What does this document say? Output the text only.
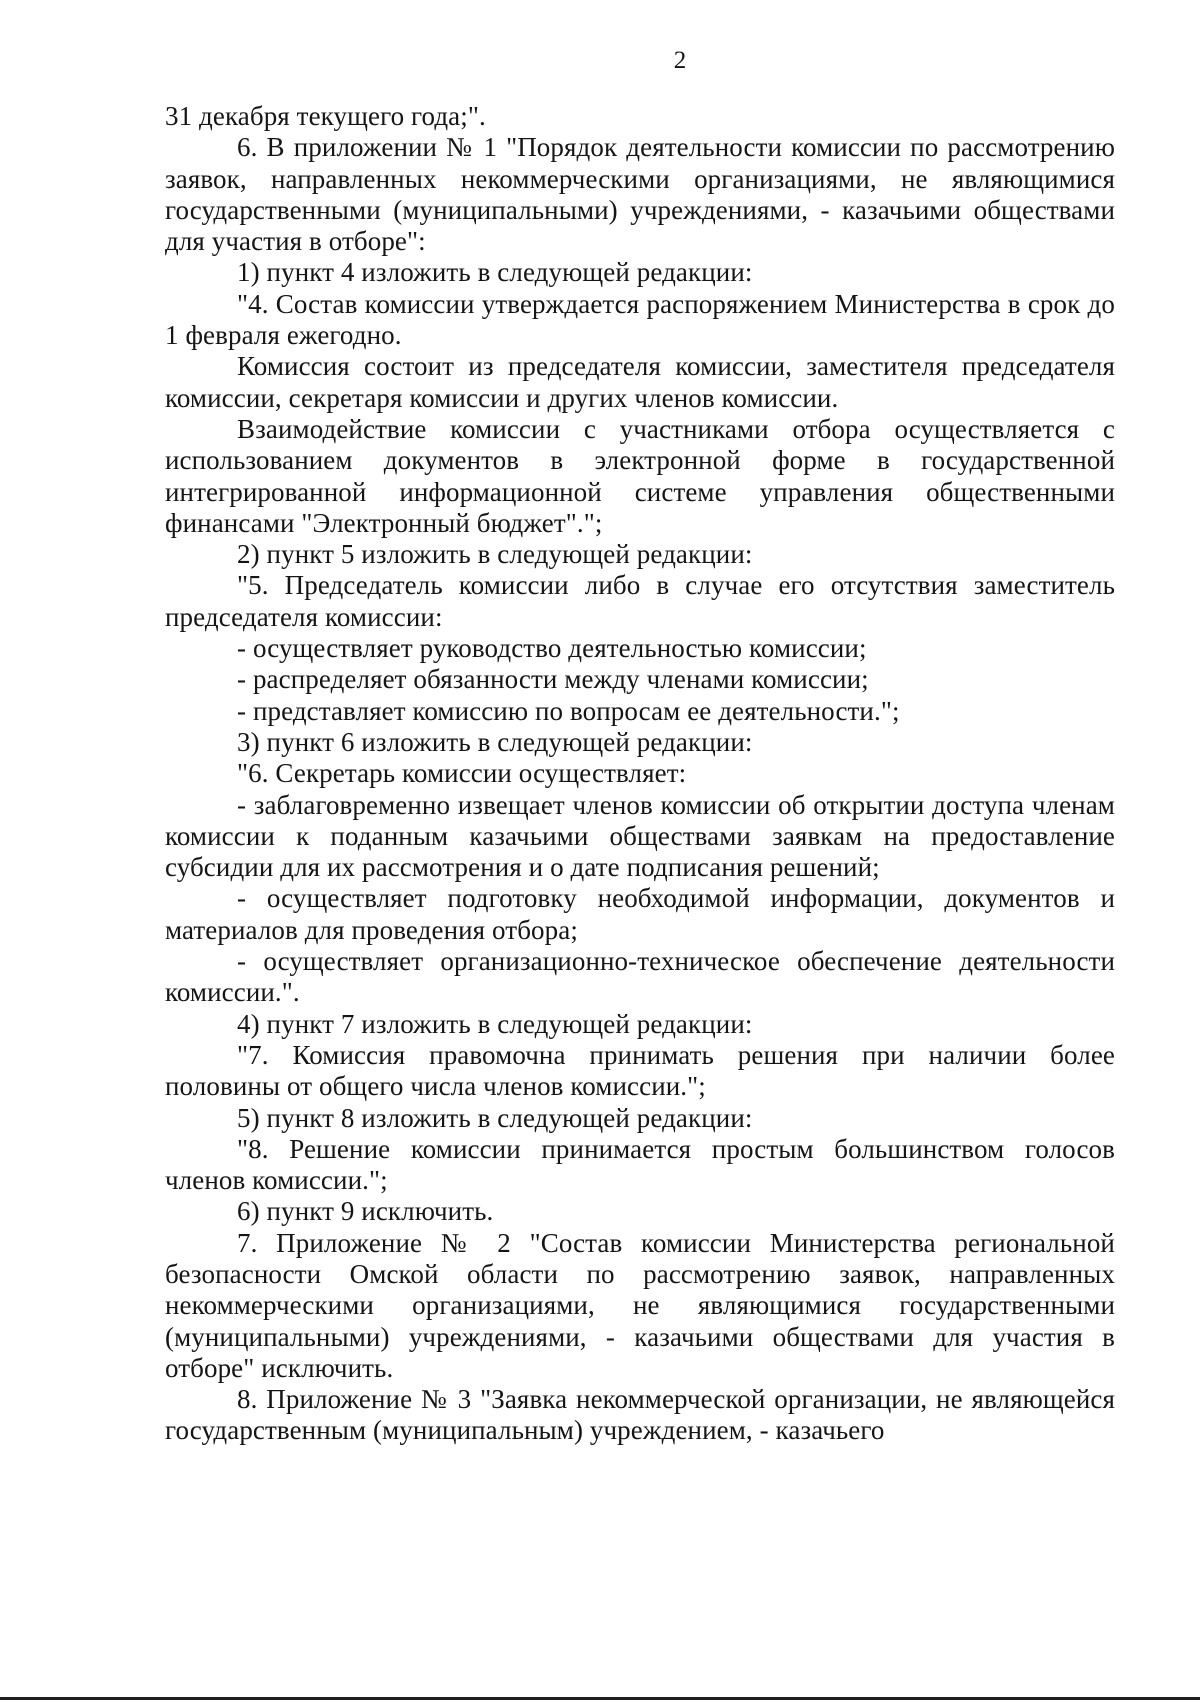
2

31 декабря текущего года;".

6. В приложении № 1 "Порядок деятельности комиссии по рассмотрению заявок, направленных некоммерческими организациями, не являющимися государственными (муниципальными) учреждениями, - казачьими обществами для участия в отборе":

1) пункт 4 изложить в следующей редакции:

"4. Состав комиссии утверждается распоряжением Министерства в срок до 1 февраля ежегодно.

Комиссия состоит из председателя комиссии, заместителя председателя комиссии, секретаря комиссии и других членов комиссии.

Взаимодействие комиссии с участниками отбора осуществляется с использованием документов в электронной форме в государственной интегрированной информационной системе управления общественными финансами "Электронный бюджет".";

2) пункт 5 изложить в следующей редакции:

"5. Председатель комиссии либо в случае его отсутствия заместитель председателя комиссии:

- осуществляет руководство деятельностью комиссии;

- распределяет обязанности между членами комиссии;

- представляет комиссию по вопросам ее деятельности.";

3) пункт 6 изложить в следующей редакции:

"6. Секретарь комиссии осуществляет:

- заблаговременно извещает членов комиссии об открытии доступа членам комиссии к поданным казачьими обществами заявкам на предоставление субсидии для их рассмотрения и о дате подписания решений;

- осуществляет подготовку необходимой информации, документов и материалов для проведения отбора;

- осуществляет организационно-техническое обеспечение деятельности комиссии.".

4) пункт 7 изложить в следующей редакции:

"7. Комиссия правомочна принимать решения при наличии более половины от общего числа членов комиссии.";

5) пункт 8 изложить в следующей редакции:

"8. Решение комиссии принимается простым большинством голосов членов комиссии.";

6) пункт 9 исключить.

7. Приложение № 2 "Состав комиссии Министерства региональной безопасности Омской области по рассмотрению заявок, направленных некоммерческими организациями, не являющимися государственными (муниципальными) учреждениями, - казачьими обществами для участия в отборе" исключить.

8. Приложение № 3 "Заявка некоммерческой организации, не являющейся государственным (муниципальным) учреждением, - казачьего
